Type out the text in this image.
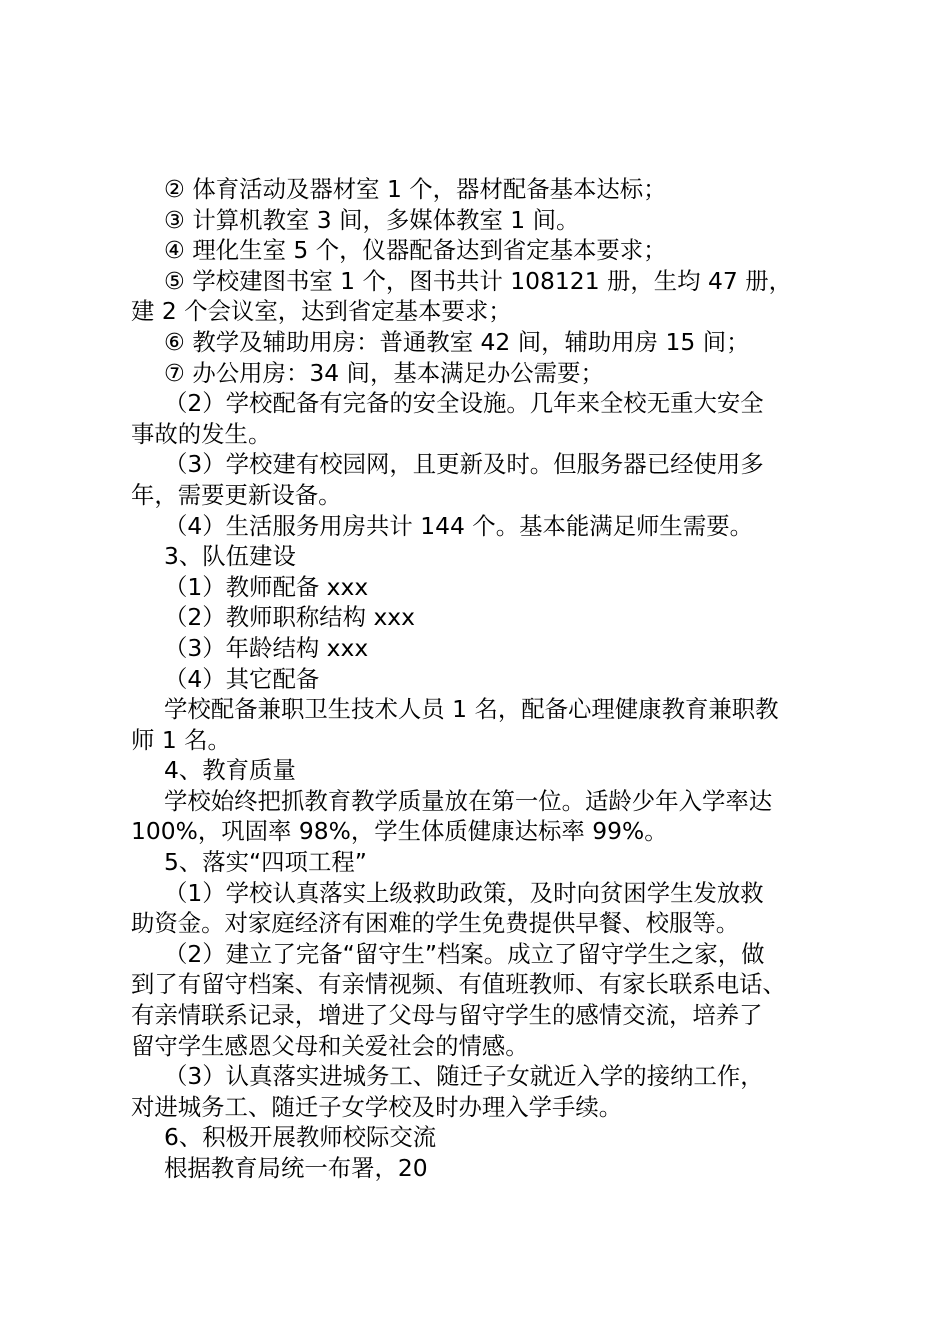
② 体育活动及器材室 1 个，器材配备基本达标；

③ 计算机教室 3 间，多媒体教室 1 间。

④ 理化生室 5 个，仪器配备达到省定基本要求；

⑤ 学校建图书室 1 个，图书共计 108121 册，生均 47 册，
建 2 个会议室，达到省定基本要求；

⑥ 教学及辅助用房：普通教室 42 间，辅助用房 15 间；

⑦ 办公用房：34 间，基本满足办公需要；

（2）学校配备有完备的安全设施。几年来全校无重大安全
事故的发生。

（3）学校建有校园网，且更新及时。但服务器已经使用多
年，需要更新设备。

（4）生活服务用房共计 144 个。基本能满足师生需要。

3、队伍建设

（1）教师配备 xxx

（2）教师职称结构 xxx

（3）年龄结构 xxx

（4）其它配备

学校配备兼职卫生技术人员 1 名，配备心理健康教育兼职教
师 1 名。

4、教育质量

学校始终把抓教育教学质量放在第一位。适龄少年入学率达
100%，巩固率 98%，学生体质健康达标率 99%。

5、落实“四项工程”

（1）学校认真落实上级救助政策，及时向贫困学生发放救
助资金。对家庭经济有困难的学生免费提供早餐、校服等。

（2）建立了完备“留守生”档案。成立了留守学生之家，做
到了有留守档案、有亲情视频、有值班教师、有家长联系电话、
有亲情联系记录，增进了父母与留守学生的感情交流，培养了
留守学生感恩父母和关爱社会的情感。

（3）认真落实进城务工、随迁子女就近入学的接纳工作，
对进城务工、随迁子女学校及时办理入学手续。

6、积极开展教师校际交流

根据教育局统一布署，20
